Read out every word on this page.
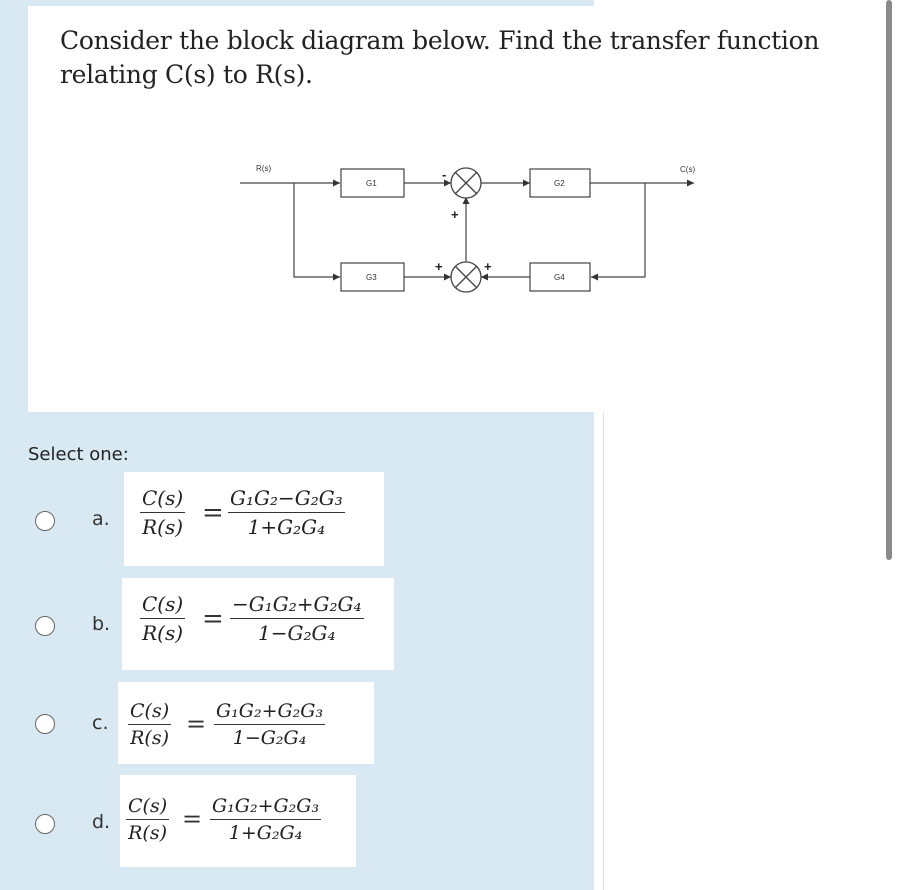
Consider the block diagram below. Find the transfer function relating C(s) to R(s).
R(s)	C(s)
G1	G2
G3	G4
-
+
+	+
Select one:
a. $\frac{C(s)}{R(s)} = \frac{\text{G₁G₂−G₂G₃}}{\text{1+G₂G₄}}$
b. $\frac{C(s)}{R(s)} = \frac{\text{−G₁G₂+G₂G₄}}{\text{1−G₂G₄}}$
c. $\frac{C(s)}{R(s)} = \frac{\text{G₁G₂+G₂G₃}}{\text{1−G₂G₄}}$
d. $\frac{C(s)}{R(s)} = \frac{\text{G₁G₂+G₂G₃}}{\text{1+G₂G₄}}$
